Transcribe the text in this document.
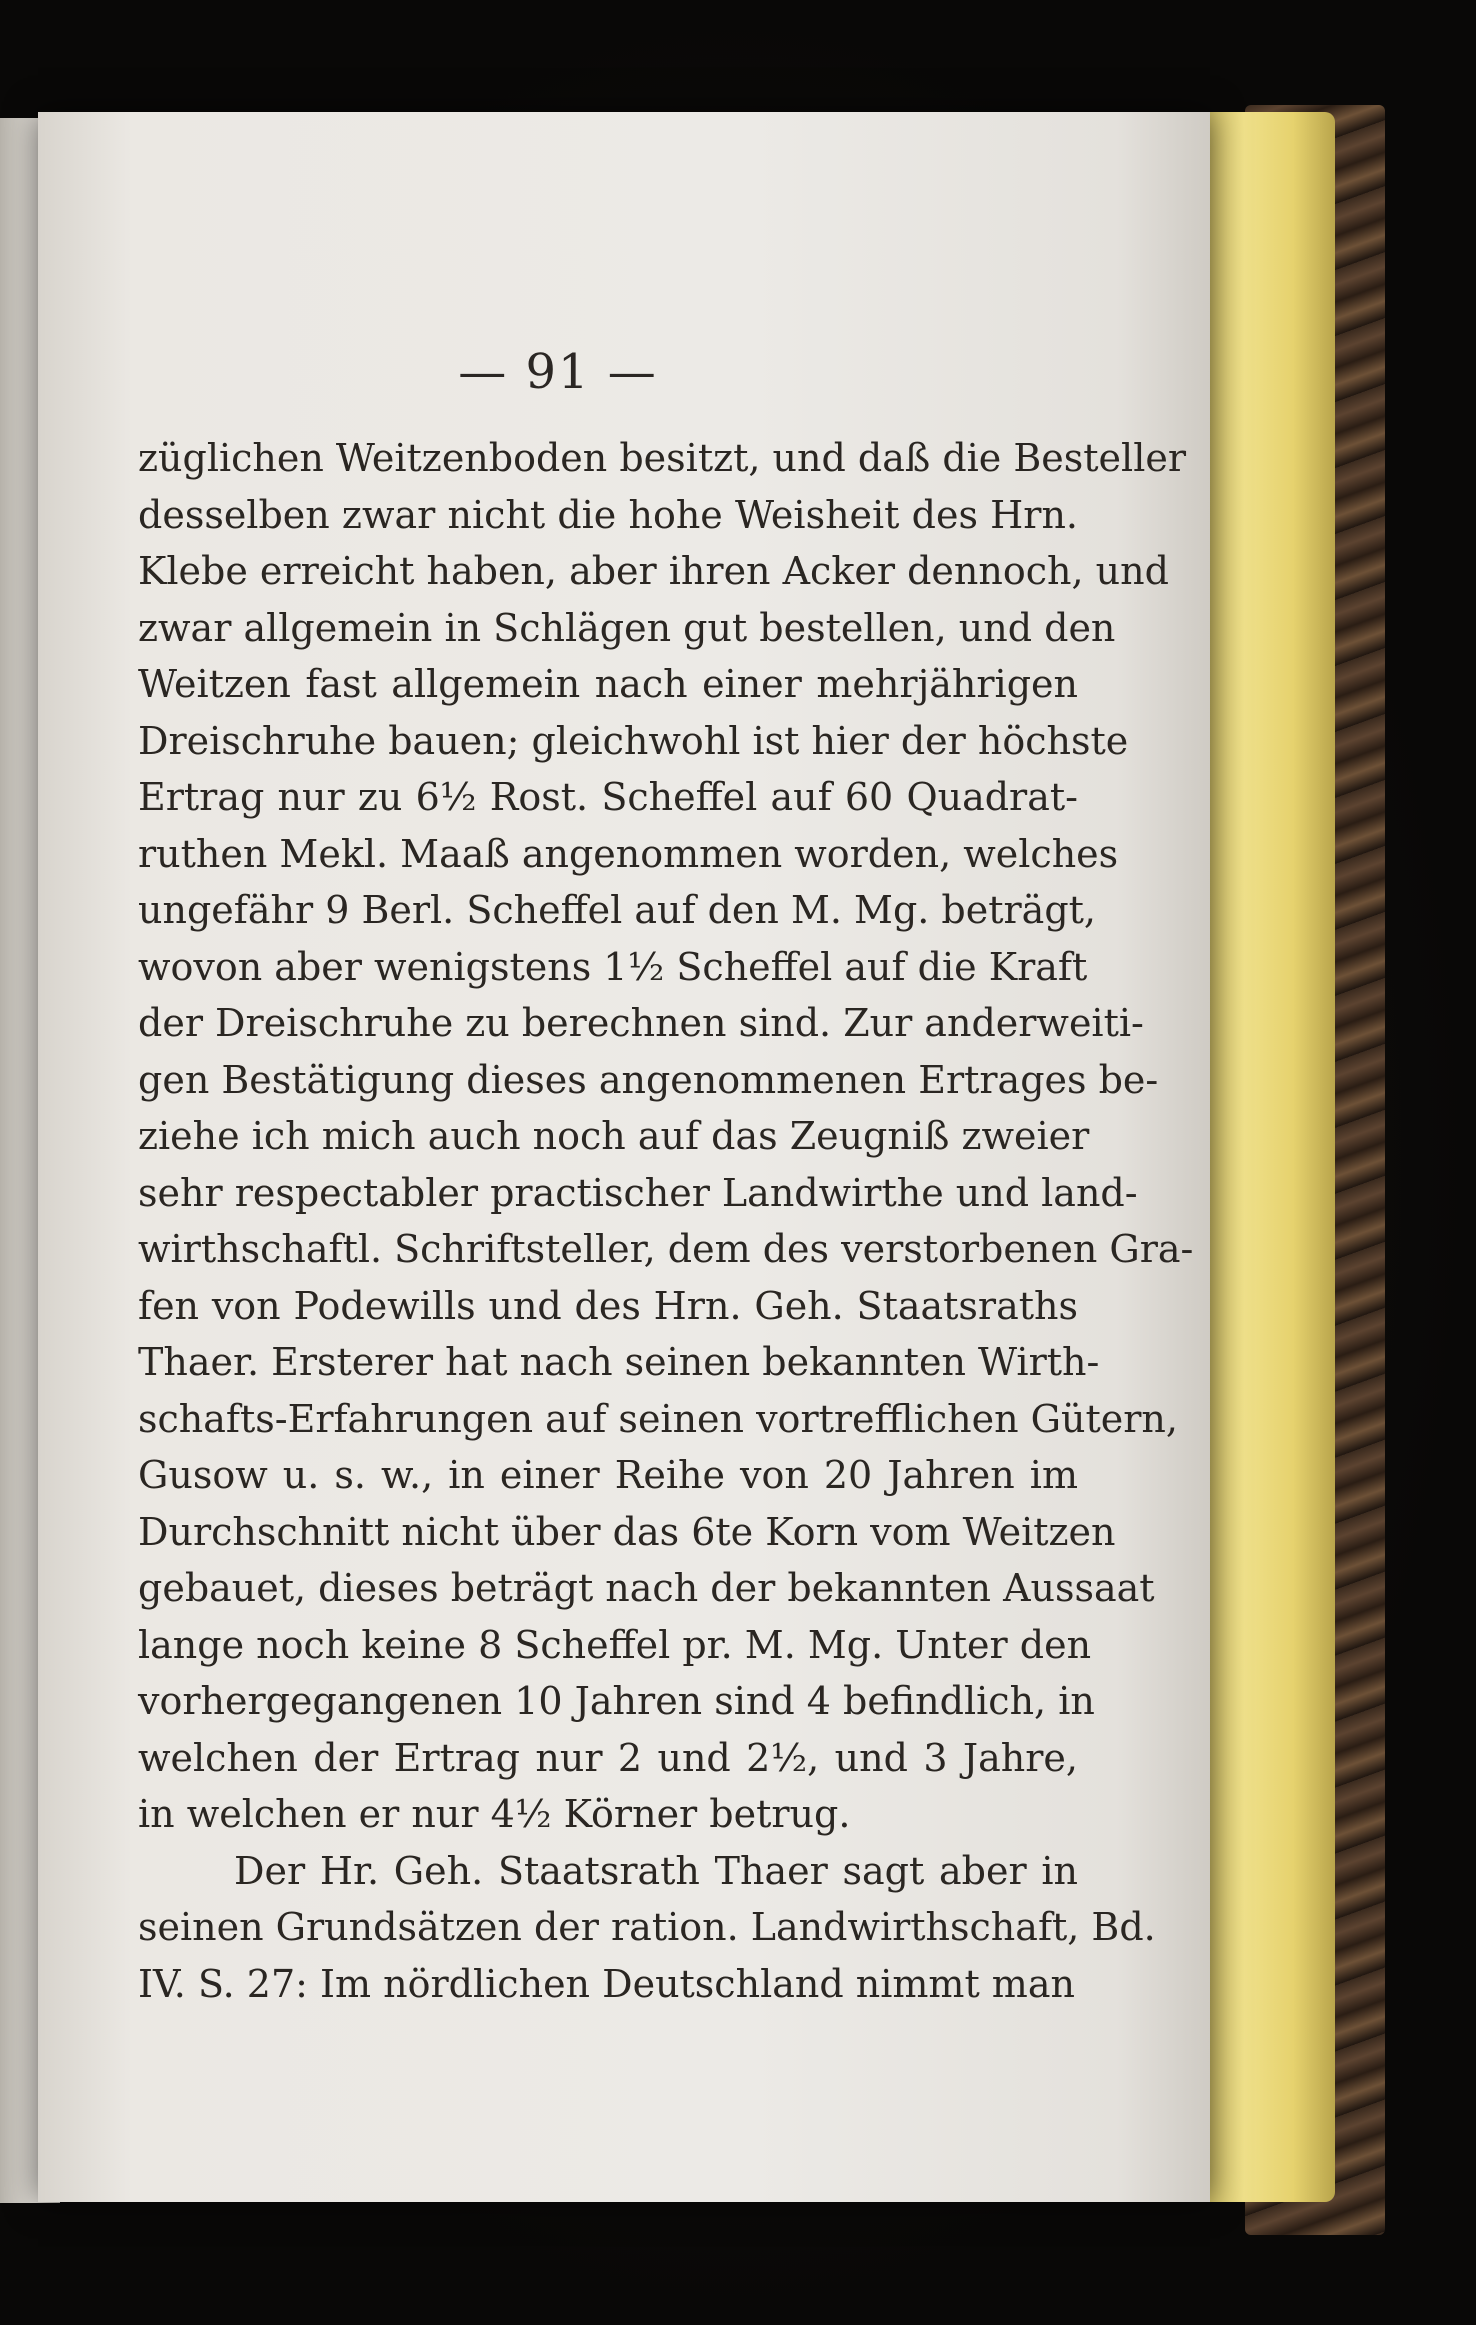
— 91 —
züglichen Weitzenboden besitzt, und daß die Besteller
desselben zwar nicht die hohe Weisheit des Hrn.
Klebe erreicht haben, aber ihren Acker dennoch, und
zwar allgemein in Schlägen gut bestellen, und den
Weitzen fast allgemein nach einer mehrjährigen
Dreischruhe bauen; gleichwohl ist hier der höchste
Ertrag nur zu 6½ Rost. Scheffel auf 60 Quadrat-
ruthen Mekl. Maaß angenommen worden, welches
ungefähr 9 Berl. Scheffel auf den M. Mg. beträgt,
wovon aber wenigstens 1½ Scheffel auf die Kraft
der Dreischruhe zu berechnen sind. Zur anderweiti-
gen Bestätigung dieses angenommenen Ertrages be-
ziehe ich mich auch noch auf das Zeugniß zweier
sehr respectabler practischer Landwirthe und land-
wirthschaftl. Schriftsteller, dem des verstorbenen Gra-
fen von Podewills und des Hrn. Geh. Staatsraths
Thaer. Ersterer hat nach seinen bekannten Wirth-
schafts-Erfahrungen auf seinen vortrefflichen Gütern,
Gusow u. s. w., in einer Reihe von 20 Jahren im
Durchschnitt nicht über das 6te Korn vom Weitzen
gebauet, dieses beträgt nach der bekannten Aussaat
lange noch keine 8 Scheffel pr. M. Mg. Unter den
vorhergegangenen 10 Jahren sind 4 befindlich, in
welchen der Ertrag nur 2 und 2½, und 3 Jahre,
in welchen er nur 4½ Körner betrug.
Der Hr. Geh. Staatsrath Thaer sagt aber in
seinen Grundsätzen der ration. Landwirthschaft, Bd.
IV. S. 27: Im nördlichen Deutschland nimmt man
